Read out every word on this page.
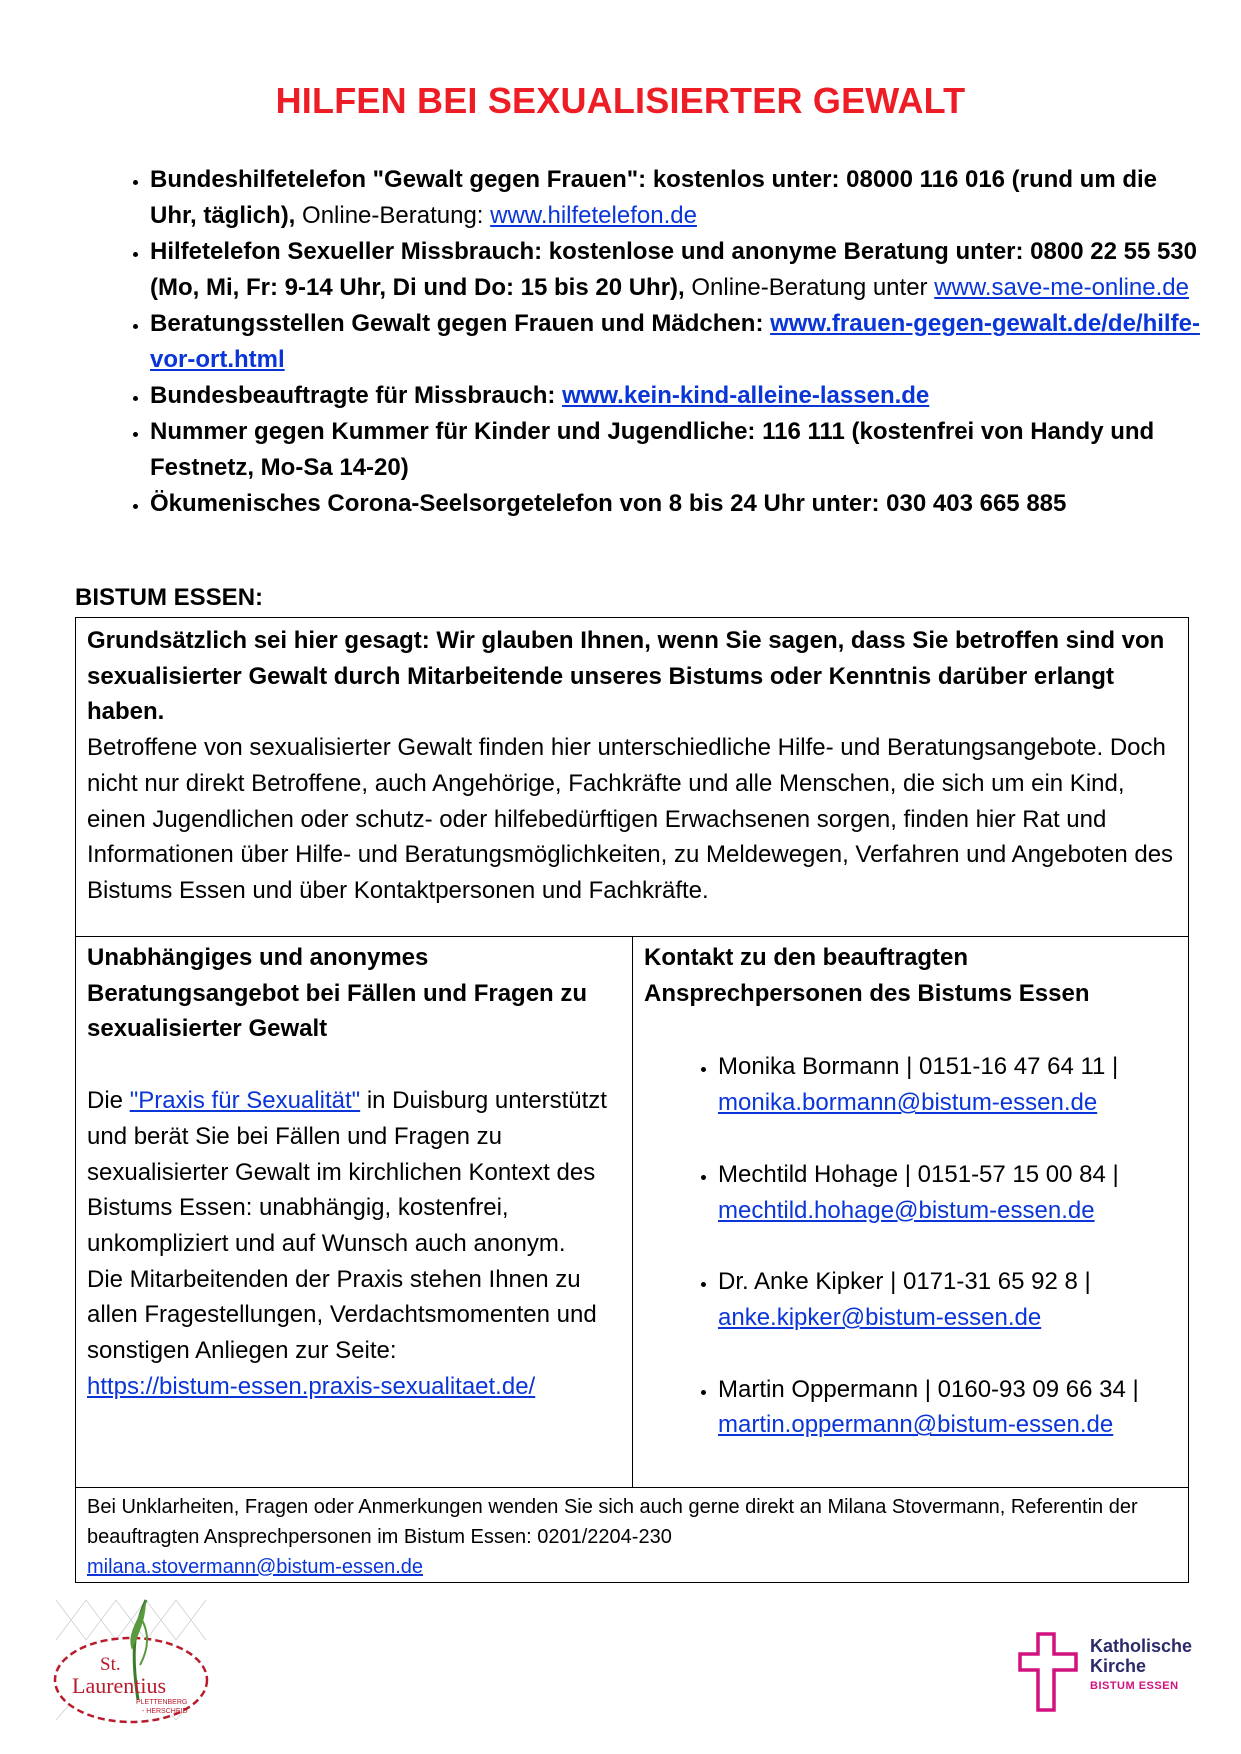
HILFEN BEI SEXUALISIERTER GEWALT
• Bundeshilfetelefon "Gewalt gegen Frauen": kostenlos unter: 08000 116 016 (rund um die Uhr, täglich), Online-Beratung: www.hilfetelefon.de
• Hilfetelefon Sexueller Missbrauch: kostenlose und anonyme Beratung unter: 0800 22 55 530 (Mo, Mi, Fr: 9-14 Uhr, Di und Do: 15 bis 20 Uhr), Online-Beratung unter www.save-me-online.de
• Beratungsstellen Gewalt gegen Frauen und Mädchen: www.frauen-gegen-gewalt.de/de/hilfe-vor-ort.html
• Bundesbeauftragte für Missbrauch: www.kein-kind-alleine-lassen.de
• Nummer gegen Kummer für Kinder und Jugendliche: 116 111 (kostenfrei von Handy und Festnetz, Mo-Sa 14-20)
• Ökumenisches Corona-Seelsorgetelefon von 8 bis 24 Uhr unter: 030 403 665 885

BISTUM ESSEN:

Grundsätzlich sei hier gesagt: Wir glauben Ihnen, wenn Sie sagen, dass Sie betroffen sind von sexualisierter Gewalt durch Mitarbeitende unseres Bistums oder Kenntnis darüber erlangt haben.

Betroffene von sexualisierter Gewalt finden hier unterschiedliche Hilfe- und Beratungsangebote. Doch nicht nur direkt Betroffene, auch Angehörige, Fachkräfte und alle Menschen, die sich um ein Kind, einen Jugendlichen oder schutz- oder hilfebedürftigen Erwachsenen sorgen, finden hier Rat und Informationen über Hilfe- und Beratungsmöglichkeiten, zu Meldewegen, Verfahren und Angeboten des Bistums Essen und über Kontaktpersonen und Fachkräfte.

Unabhängiges und anonymes Beratungsangebot bei Fällen und Fragen zu sexualisierter Gewalt

Die "Praxis für Sexualität" in Duisburg unterstützt und berät Sie bei Fällen und Fragen zu sexualisierter Gewalt im kirchlichen Kontext des Bistums Essen: unabhängig, kostenfrei, unkompliziert und auf Wunsch auch anonym.

Die Mitarbeitenden der Praxis stehen Ihnen zu allen Fragestellungen, Verdachtsmomenten und sonstigen Anliegen zur Seite:

https://bistum-essen.praxis-sexualitaet.de/

Kontakt zu den beauftragten Ansprechpersonen des Bistums Essen

• Monika Bormann | 0151-16 47 64 11 | monika.bormann@bistum-essen.de
• Mechtild Hohage | 0151-57 15 00 84 | mechtild.hohage@bistum-essen.de
• Dr. Anke Kipker | 0171-31 65 92 8 | anke.kipker@bistum-essen.de
• Martin Oppermann | 0160-93 09 66 34 | martin.oppermann@bistum-essen.de

Bei Unklarheiten, Fragen oder Anmerkungen wenden Sie sich auch gerne direkt an Milana Stovermann, Referentin der beauftragten Ansprechpersonen im Bistum Essen: 0201/2204-230

milana.stovermann@bistum-essen.de

St.
Laurentius
PLETTENBERG
- HERSCHEID
Katholische
Kirche
BISTUM ESSEN
